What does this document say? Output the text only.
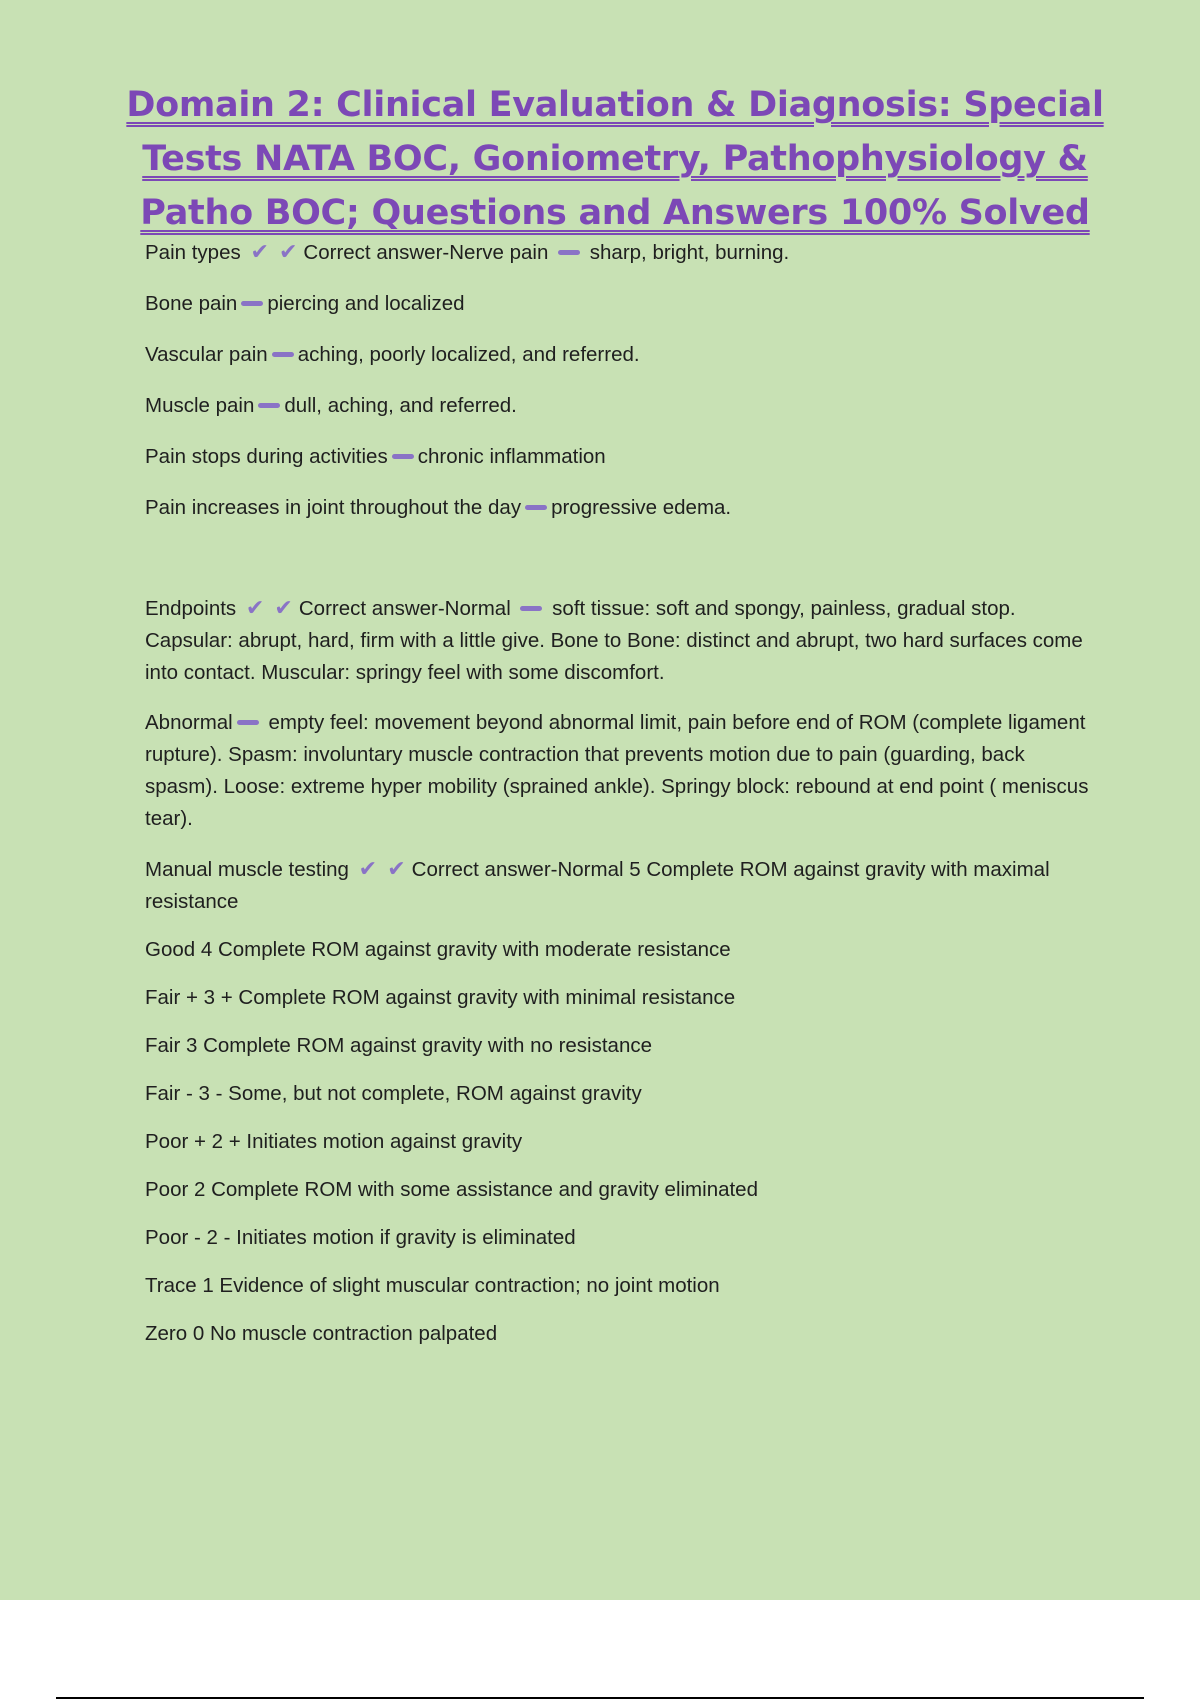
Domain 2: Clinical Evaluation & Diagnosis: Special Tests NATA BOC, Goniometry, Pathophysiology & Patho BOC; Questions and Answers 100% Solved
Pain types ✔ ✔ Correct answer-Nerve pain sharp, bright, burning.
Bone pain piercing and localized
Vascular pain aching, poorly localized, and referred.
Muscle pain dull, aching, and referred.
Pain stops during activities chronic inflammation
Pain increases in joint throughout the day progressive edema.
Endpoints ✔ ✔ Correct answer-Normal soft tissue: soft and spongy, painless, gradual stop. Capsular: abrupt, hard, firm with a little give. Bone to Bone: distinct and abrupt, two hard surfaces come into contact. Muscular: springy feel with some discomfort.
Abnormal empty feel: movement beyond abnormal limit, pain before end of ROM (complete ligament rupture). Spasm: involuntary muscle contraction that prevents motion due to pain (guarding, back spasm). Loose: extreme hyper mobility (sprained ankle). Springy block: rebound at end point ( meniscus tear).
Manual muscle testing ✔ ✔ Correct answer-Normal 5 Complete ROM against gravity with maximal resistance
Good 4 Complete ROM against gravity with moderate resistance
Fair + 3 + Complete ROM against gravity with minimal resistance
Fair 3 Complete ROM against gravity with no resistance
Fair - 3 - Some, but not complete, ROM against gravity
Poor + 2 + Initiates motion against gravity
Poor 2 Complete ROM with some assistance and gravity eliminated
Poor - 2 - Initiates motion if gravity is eliminated
Trace 1 Evidence of slight muscular contraction; no joint motion
Zero 0 No muscle contraction palpated
